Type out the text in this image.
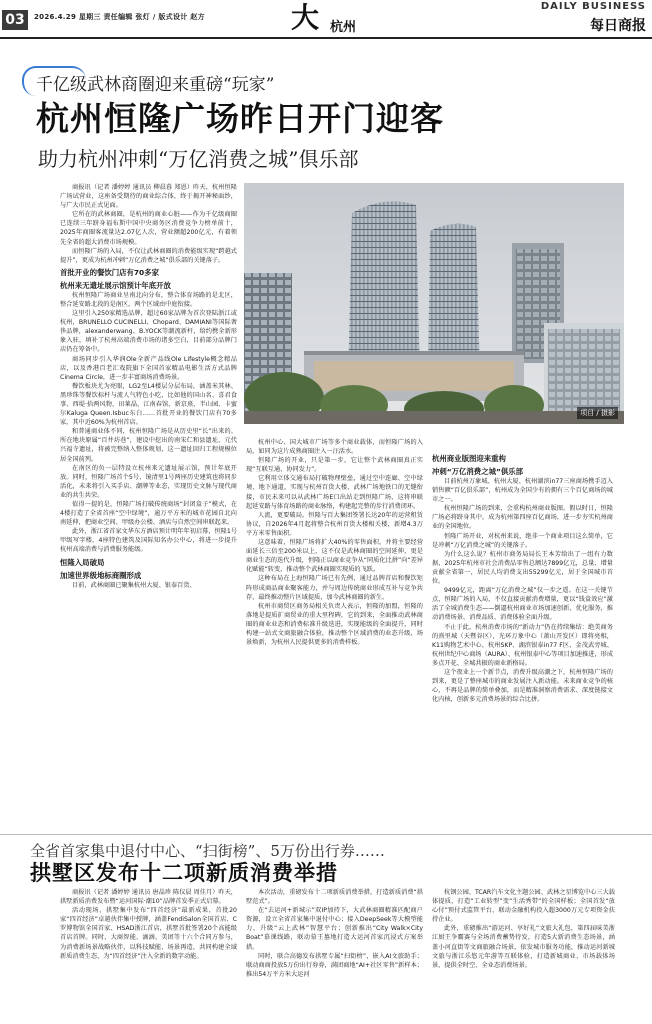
03	2026.4.29 星期三 责任编辑 张灯 / 版式设计 赵方	大 杭州
DAILY BUSINESS
每日商报
千亿级武林商圈迎来重磅“玩家”
杭州恒隆广场昨日开门迎客
助力杭州冲刺“万亿消费之城”俱乐部

商报讯（记者 潘婷婷 通讯员 柳晨暮 郑恩）昨天，杭州恒隆广场试营业，这座备受期待的商业综合体，终于揭开神秘面纱，与广大市民正式见面。

它所在的武林商圈，是杭州的商业心脏——作为千亿级商圈已连续三年跻身福布斯中国中央商务区消费竞争力榜单前十，2025年商圈客流量达2.07亿人次，营业额超200亿元，有着领先全省的超大消费市场规模。

而恒隆广场的入局，不仅让武林商圈的消费能级实现“跨越式提升”，更成为杭州冲刺“万亿消费之城”俱乐部的关键落子。

首批开业的餐饮门店有70多家

杭州来无遗址展示馆预计年底开放

杭州恒隆广场商业呈南北向分布，整合体育场路的是北区，整合延安路北段的是南区，两个区域由中庭衔接。

这里引入250家精选品牌，超过60家品牌为首次登陆浙江或杭州，BRUNELLO CUCINELLI、Chopard、DAMIANI等国际奢侈品牌，alexanderwang、B.YOCK等潮流新杆，给约携全新形象入驻，填补了杭州高端消费市场的诸多空白，目前部分品牌门店仍在筹备中。

商场同步引入华润Ole全新产品线Ole Lifestyle概念精品店，以及香港百老汇戏院旗下全国首家精品电影生活方式品牌Cinema Circle，进一步丰富商场消费场景。

餐饮板块尤为亮眼，LG2至L4楼层分层布局，涵盖米其林、黑珍珠等餐饮标杆与流人气特色小吃，比如他的国山名、喜君食事、西堤·拾两风物、田莱晶、江南春馆、新京熹、半山园、卡蜜尔Kaluga Queen.Isbuc东白……首批开业的餐饮门店有70多家，其中近60%为杭州首店。

和普通商业体不同，杭州恒隆广场是从历史里“长”出来的。所在地块原属“百井坊巷”，建设中挖出的南宋仁和县遗址、元代兴福寺遗址，将被完整纳入整体规划，这一遗址回归工程规模位居全国前列。

在南区的负一层特设立杭州来元遗址展示馆，预计年底开放。同时，恒隆广场首个5号、镜清里1号两座历史建筑也将同步活化，未来将引入买手店、潮牌等业态，实现历史文脉与现代商业的共生共荣。

值得一提的是，恒隆广场打破传统商场“封闭盒子”模式，在4楼打造了全省首座“空中绿境”，逾万平方米的城市花园自北向南延伸，把商业空间、甲级办公楼、酒店与自然空间串联起来。

此外，浙江省首家文华东方酒店预计明年年初启幕，恒隆1号甲级写字楼、4座特色建筑及国际知名办公中心，将进一步提升杭州高端消费与消费服务能级。

恒隆入局破局

加速世界级地标商圈形成

目前，武林商圈已聚集杭州大厦、银泰百货、

项目 / 摄影

杭州中心、国大城市广场等多个商业载体，而恒隆广场的入局，如同为这片成熟商圈注入一汪活水。

恒隆广场的开业，只是第一步，它让整个武林商圈真正实现“互联互通、协同发力”。

它利用立体交通布局打破物理壁垒，通过空中连廊、空中绿境、地下通道，实现与杭州百货大楼、武林广场地铁口的无缝衔接，市民未来可以从武林广场E口出站走到恒隆广场，这将串联起延安路与体育场路的商业脉络，构建起完整的步行消费闭环。

人流，更要破局。恒隆与百大集团签署长达20年的运营租赁协议，自2026年4月起将整合杭州百货大楼相关楼，新增4.3万平方米零售面积。

这意味着，恒隆广场将扩大40%的零售面积，并将主要经营面延长三倍至200米以上，这不仅是武林商圈的空间延伸，更是商业生态的迭代升级，恒隆正以商业竞争从“同质化比拼”向“差异化赋能”转变，推动整个武林商圈实现质的飞跃。

这种布局在上海恒隆广场已有先例，通过品牌首店和餐饮矩阵形成商品商业聚客能力，并与周边传统商业形成互补与竞争共存，最终推动整片区域提质，加今武林商圈的新生。

杭州市商贸区商务局相关负责人表示，恒隆的加盟，恒隆的落地是提质扩商贸业的重大里程碑，它的到来，全面推动武林商圈的商业业态和消费标准升级迭进，实现能级的全面提升，同时构建一站式文商旅融合体验，推动整个区域消费的业态升级、场景焕新，为杭州人民提供更多的消费样板。

杭州商业版图迎来重构

冲刺“万亿消费之城”俱乐部

目前杭州万象城、杭州大厦、杭州湖滨in77三座商场携手迈入销售额“百亿俱乐部”，杭州成为全国少有的拥有三个百亿商场的城市之一。

杭州恒隆广场的到来，会重构杭州商业版图。假以时日，恒隆广场必将跻身其中，成为杭州第四座百亿商场，进一步夯实杭州商业的全国地位。

恒隆广场开业，对杭州来说，绝非一个商业项目这么简单，它是冲刺“万亿消费之城”的关键落子。

为什么这么说？杭州市商务局局长王本芳给出了一组有力数据，2025年杭州市社会消费品零售总额达7899亿元，总量、增量贡献全省第一，居民人均消费支出55299亿元，居于全国城市首位。

9499亿元，距离“万亿消费之城”仅一步之遥。在这一关键节点，恒隆广场的入局，不仅直接贡献消费增量，更以“钱盒效应”激活了全城消费生态——倒逼杭州商业市场加速创新、优化服务，推动消费场景、消费品质、消费体验全面升级。

不止于此，杭州消费市场的“新动力”仍在持续集结：绝美商务的熹里城（天暨谷区）、光环万象中心（萧山开发区）即将亮相，K11购物艺术中心、杭州SKP、湖滨银泰in77 F区、金茂武旁城、杭州世纪中心商场（AURA）、杭州银泰中心等项目加速推进，形成多点开花、全城共振的商业新格局。

这个夜业上一个新节点，消费升级高潮之下，杭州恒隆广场的到来，更是了整座城市的商业发展注入新动能。未来商业竞争的核心，不再是品牌的简单叠加，而是精准洞察消费需求、深度链接文化内核，创新多元消费场景的综合比拼。

全省首家集中退付中心、“扫街榜”、5万份出行券……
拱墅区发布十二项新质消费举措

商报讯（记者 潘婷婷 通讯员 唐晶珍 陈仪晨 周佳月）昨天，拱墅新质消费发布暨“运河国际·潮10”品牌首发季正式启幕。

活动现场，拱墅集中发布“四首经济”最新成果，首批20家“四首经济”卓越伙伴集中授牌，涵盖FendiSalon全国首店、C罗博物馆全国首家、HSAD浙江首店，拱墅首批签署20个高能级首店首牌。同时，大商智能、滴滴、美团等十六个合同方参与，为消费新场景战略伙伴，以科技赋能、场景再造，共同构建全域新质消费生态，为“四首经济”注入全新的数字动能。

本次活动，重磅发布十二项新质消费举措，打造新质消费“拱墅范式”。

在“去运河+新城示”双IP加持下，大武林商圈精准匹配商户资源，设立全省首家集中退付中心；接入DeepSeek等大模型能力，升级“云上武林”智慧平台；创新推出“City Walk×City Boat”慕课线路，联动慕王墓地打造大运河首家沉浸式方案举措。

同时，联合高德发布拱墅专属“扫街榜”，嵌入AI文旅助手；联动商商投放5万份出行券券，满团商地“AI+社区零售”新样本；推出54万平方米大运河

杭钢公园、TCAR汽车文化主题公园、武林之星博览中心三大载体提质，打造“工业转型”变“生活秀带”的全国样板；全国首发“放心付”预付式监管平台，联动金融机构投入超3000万元专项资金扶持企业。

此外，重磅推出“游运河、享好礼”文旅大礼包，第四届味美浙江厨王争霸赛与全场消费蓄势待发，打造5大新消费生态场景，涵盖小河直街等文商旅融合场景，依发城市服务功能，推动运河新城文旅与浙江乐悠元年游等互联体验，打造新城商业、市场载体场景，提供全时空、全业态消费场景。
